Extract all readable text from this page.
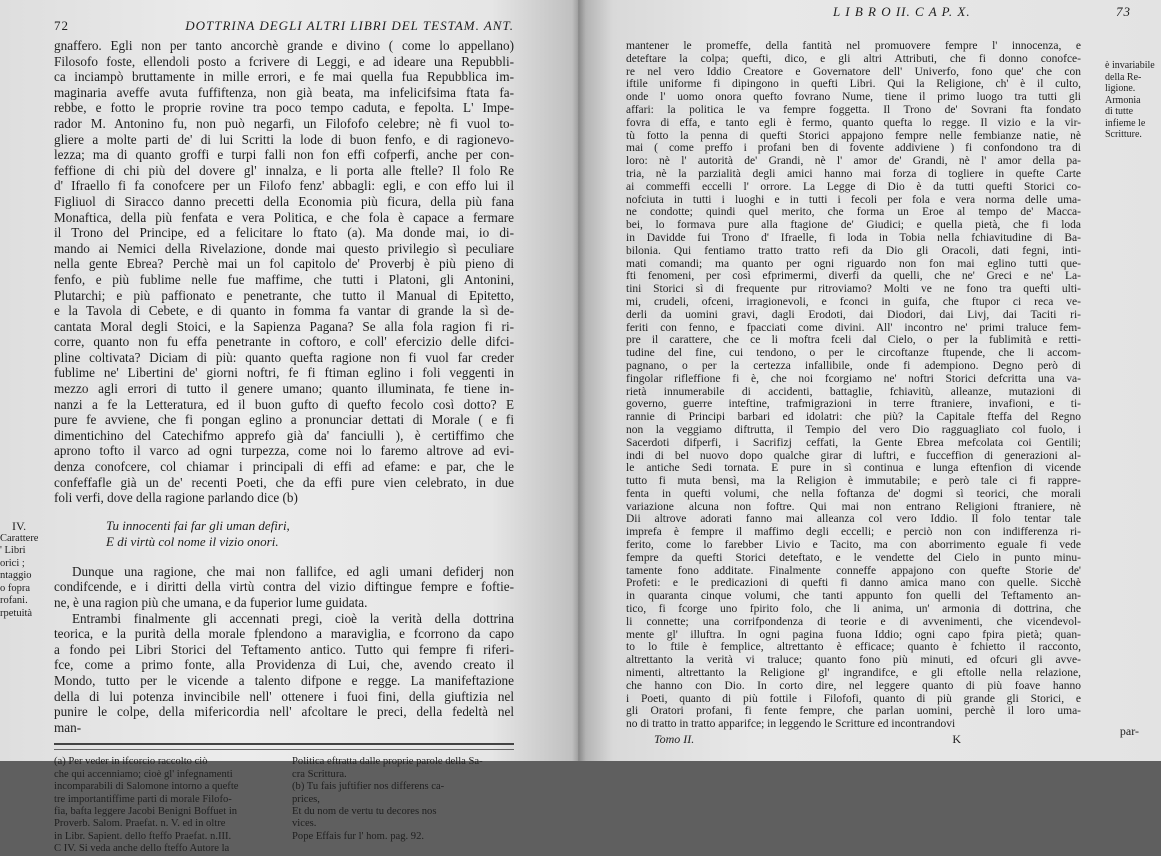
72	DOTTRINA DEGLI ALTRI LIBRI DEL TESTAM. ANT.
gnaffero. Egli non per tanto ancorchè grande e divino ( come lo appellano)
Filosofo foste, ellendoli posto a fcrivere di Leggi, e ad ideare una Repubbli-
ca inciampò bruttamente in mille errori, e fe mai quella fua Repubblica im-
maginaria aveffe avuta fuffiftenza, non già beata, ma infelicifsima ftata fa-
rebbe, e fotto le proprie rovine tra poco tempo caduta, e fepolta. L' Impe-
rador M. Antonino fu, non può negarfi, un Filofofo celebre; nè fi vuol to-
gliere a molte parti de' di lui Scritti la lode di buon fenfo, e di ragionevo-
lezza; ma di quanto groffi e turpi falli non fon effi cofperfi, anche per con-
feffione di chi più del dovere gl' innalza, e li porta alle ftelle? Il folo Re
d' Ifraello fi fa conofcere per un Filofo fenz' abbagli: egli, e con effo lui il
Figliuol di Siracco danno precetti della Economia più ficura, della più fana
Monaftica, della più fenfata e vera Politica, e che fola è capace a fermare
il Trono del Principe, ed a felicitare lo ftato (a). Ma donde mai, io di-
mando ai Nemici della Rivelazione, donde mai questo privilegio sì peculiare
nella gente Ebrea? Perchè mai un fol capitolo de' Proverbj è più pieno di
fenfo, e più fublime nelle fue maffime, che tutti i Platoni, gli Antonini,
Plutarchi; e più paffionato e penetrante, che tutto il Manual di Epitetto,
e la Tavola di Cebete, e di quanto in fomma fa vantar di grande la sì de-
cantata Moral degli Stoici, e la Sapienza Pagana? Se alla fola ragion fi ri-
corre, quanto non fu effa penetrante in coftoro, e coll' efercizio delle difci-
pline coltivata? Diciam di più: quanto quefta ragione non fi vuol far creder
fublime ne' Libertini de' giorni noftri, fe fi ftiman eglino i foli veggenti in
mezzo agli errori di tutto il genere umano; quanto illuminata, fe tiene in-
nanzi a fe la Letteratura, ed il buon gufto di quefto fecolo così dotto? E
pure fe avviene, che fi pongan eglino a pronunciar dettati di Morale ( e fi
dimentichino del Catechifmo apprefo già da' fanciulli ), è certiffimo che
aprono tofto il varco ad ogni turpezza, come noi lo faremo altrove ad evi-
denza conofcere, col chiamar i principali di effi ad efame: e par, che le
confeffafle già un de' recenti Poeti, che da effi pure vien celebrato, in due
foli verfi, dove della ragione parlando dice (b)
Tu innocenti fai far gli uman defiri,
E di virtù col nome il vizio onori.
Dunque una ragione, che mai non fallifce, ed agli umani defiderj non
condifcende, e i diritti della virtù contra del vizio diftingue fempre e foftie-
ne, è una ragion più che umana, e da fuperior lume guidata.
Entrambi finalmente gli accennati pregi, cioè la verità della dottrina
teorica, e la purità della morale fplendono a maraviglia, e fcorrono da capo
a fondo pei Libri Storici del Teftamento antico. Tutto qui fempre fi riferi-
fce, come a primo fonte, alla Providenza di Lui, che, avendo creato il
Mondo, tutto per le vicende a talento difpone e regge. La manifeftazione
della di lui potenza invincibile nell' ottenere i fuoi fini, della giuftizia nel
punire le colpe, della mifericordia nell' afcoltare le preci, della fedeltà nel
man-
(a) Per veder in ifcorcio raccolto ciò
che qui accenniamo; cioè gl' infegnamenti
incomparabili di Salomone intorno a quefte
tre importantiffime parti di morale Filofo-
fia, bafta leggere Jacobi Benigni Boffuet in
Proverb. Salom. Praefat. n. V. ed in oltre
in Libr. Sapient. dello fteffo Praefat. n.III.
C IV. Si veda anche dello fteffo Autore la
Politica eftratta dalle proprie parole della Sa-
cra Scrittura.
(b) Tu fais juftifier nos differens ca-
prices,
Et du nom de vertu tu decores nos
vices.
Pope Effais fur l' hom. pag. 92.
IV.
Carattere
' Libri
orici ;
ntaggio
o fopra
rofani.
rpetuità
L I B R O II. C A P. X.	73
mantener le promeffe, della fantità nel promuovere fempre l' innocenza, e
deteftare la colpa; quefti, dico, e gli altri Attributi, che fi donno conofce-
re nel vero Iddio Creatore e Governatore dell' Univerfo, fono que' che con
iftile uniforme fi dipingono in quefti Libri. Qui la Religione, ch' è il culto,
onde l' uomo onora quefto fovrano Nume, tiene il primo luogo tra tutti gli
affari: la politica le va fempre foggetta. Il Trono de' Sovrani fta fondato
fovra di effa, e tanto egli è fermo, quanto quefta lo regge. Il vizio e la vir-
tù fotto la penna di quefti Storici appajono fempre nelle fembianze natie, nè
mai ( come preffo i profani ben di fovente addiviene ) fi confondono tra di
loro: nè l' autorità de' Grandi, nè l' amor de' Grandi, nè l' amor della pa-
tria, nè la parzialità degli amici hanno mai forza di togliere in quefte Carte
ai commeffi eccelli l' orrore. La Legge di Dio è da tutti quefti Storici co-
nofciuta in tutti i luoghi e in tutti i fecoli per fola e vera norma delle uma-
ne condotte; quindi quel merito, che forma un Eroe al tempo de' Macca-
bei, lo formava pure alla ftagione de' Giudici; e quella pietà, che fi loda
in Davidde fui Trono d' Ifraelle, fi loda in Tobia nella fchiavitudine di Ba-
bilonia. Qui fentiamo tratto tratto refi da Dio gli Oracoli, dati fegni, inti-
mati comandi; ma quanto per ogni riguardo non fon mai eglino tutti que-
fti fenomeni, per così efprimermi, diverfi da quelli, che ne' Greci e ne' La-
tini Storici sì di frequente pur ritroviamo? Molti ve ne fono tra quefti ulti-
mi, crudeli, ofceni, irragionevoli, e fconci in guifa, che ftupor ci reca ve-
derli da uomini gravi, dagli Erodoti, dai Diodori, dai Livj, dai Taciti ri-
feriti con fenno, e fpacciati come divini. All' incontro ne' primi traluce fem-
pre il carattere, che ce li moftra fceli dal Cielo, o per la fublimità e retti-
tudine del fine, cui tendono, o per le circoftanze ftupende, che li accom-
pagnano, o per la certezza infallibile, onde fi adempiono. Degno però di
fingolar rifleffione fi è, che noi fcorgiamo ne' noftri Storici defcritta una va-
rietà innumerabile di accidenti, battaglie, fchiavitù, alleanze, mutazioni di
governo, guerre inteftine, trafmigrazioni in terre ftraniere, invafioni, e ti-
rannie di Principi barbari ed idolatri: che più? la Capitale fteffa del Regno
non la veggiamo diftrutta, il Tempio del vero Dio ragguagliato col fuolo, i
Sacerdoti difperfi, i Sacrifizj ceffati, la Gente Ebrea mefcolata coi Gentili;
indi di bel nuovo dopo qualche girar di luftri, e fucceffion di generazioni al-
le antiche Sedi tornata. E pure in sì continua e lunga eftenfion di vicende
tutto fi muta bensì, ma la Religion è immutabile; e però tale ci fi rappre-
fenta in quefti volumi, che nella foftanza de' dogmi sì teorici, che morali
variazione alcuna non foftre. Qui mai non entrano Religioni ftraniere, nè
Dii altrove adorati fanno mai alleanza col vero Iddio. Il folo tentar tale
imprefa è fempre il maffimo degli eccelli; e perciò non con indifferenza ri-
ferito, come lo farebber Livio e Tacito, ma con aborrimento eguale fi vede
fempre da quefti Storici deteftato, e le vendette del Cielo in punto minu-
tamente fono additate. Finalmente conneffe appajono con quefte Storie de'
Profeti: e le predicazioni di quefti fi danno amica mano con quelle. Sicchè
in quaranta cinque volumi, che tanti appunto fon quelli del Teftamento an-
tico, fi fcorge uno fpirito folo, che li anima, un' armonia di dottrina, che
li connette; una corrifpondenza di teorie e di avvenimenti, che vicendevol-
mente gl' illuftra. In ogni pagina fuona Iddio; ogni capo fpira pietà; quan-
to lo ftile è femplice, altrettanto è efficace; quanto è fchietto il racconto,
altrettanto la verità vi traluce; quanto fono più minuti, ed ofcuri gli avve-
nimenti, altrettanto la Religione gl' ingrandifce, e gli eftolle nella relazione,
che hanno con Dio. In corto dire, nel leggere quanto di più foave hanno
i Poeti, quanto di più fottile i Filofofi, quanto di più grande gli Storici, e
gli Oratori profani, fi fente fempre, che parlan uomini, perchè il loro uma-
no di tratto in tratto apparifce; in leggendo le Scritture ed incontrandovi
è invariabile
della Re-
ligione.
Armonia
di tutte
infieme le
Scritture.
Tomo II.	K
par-
